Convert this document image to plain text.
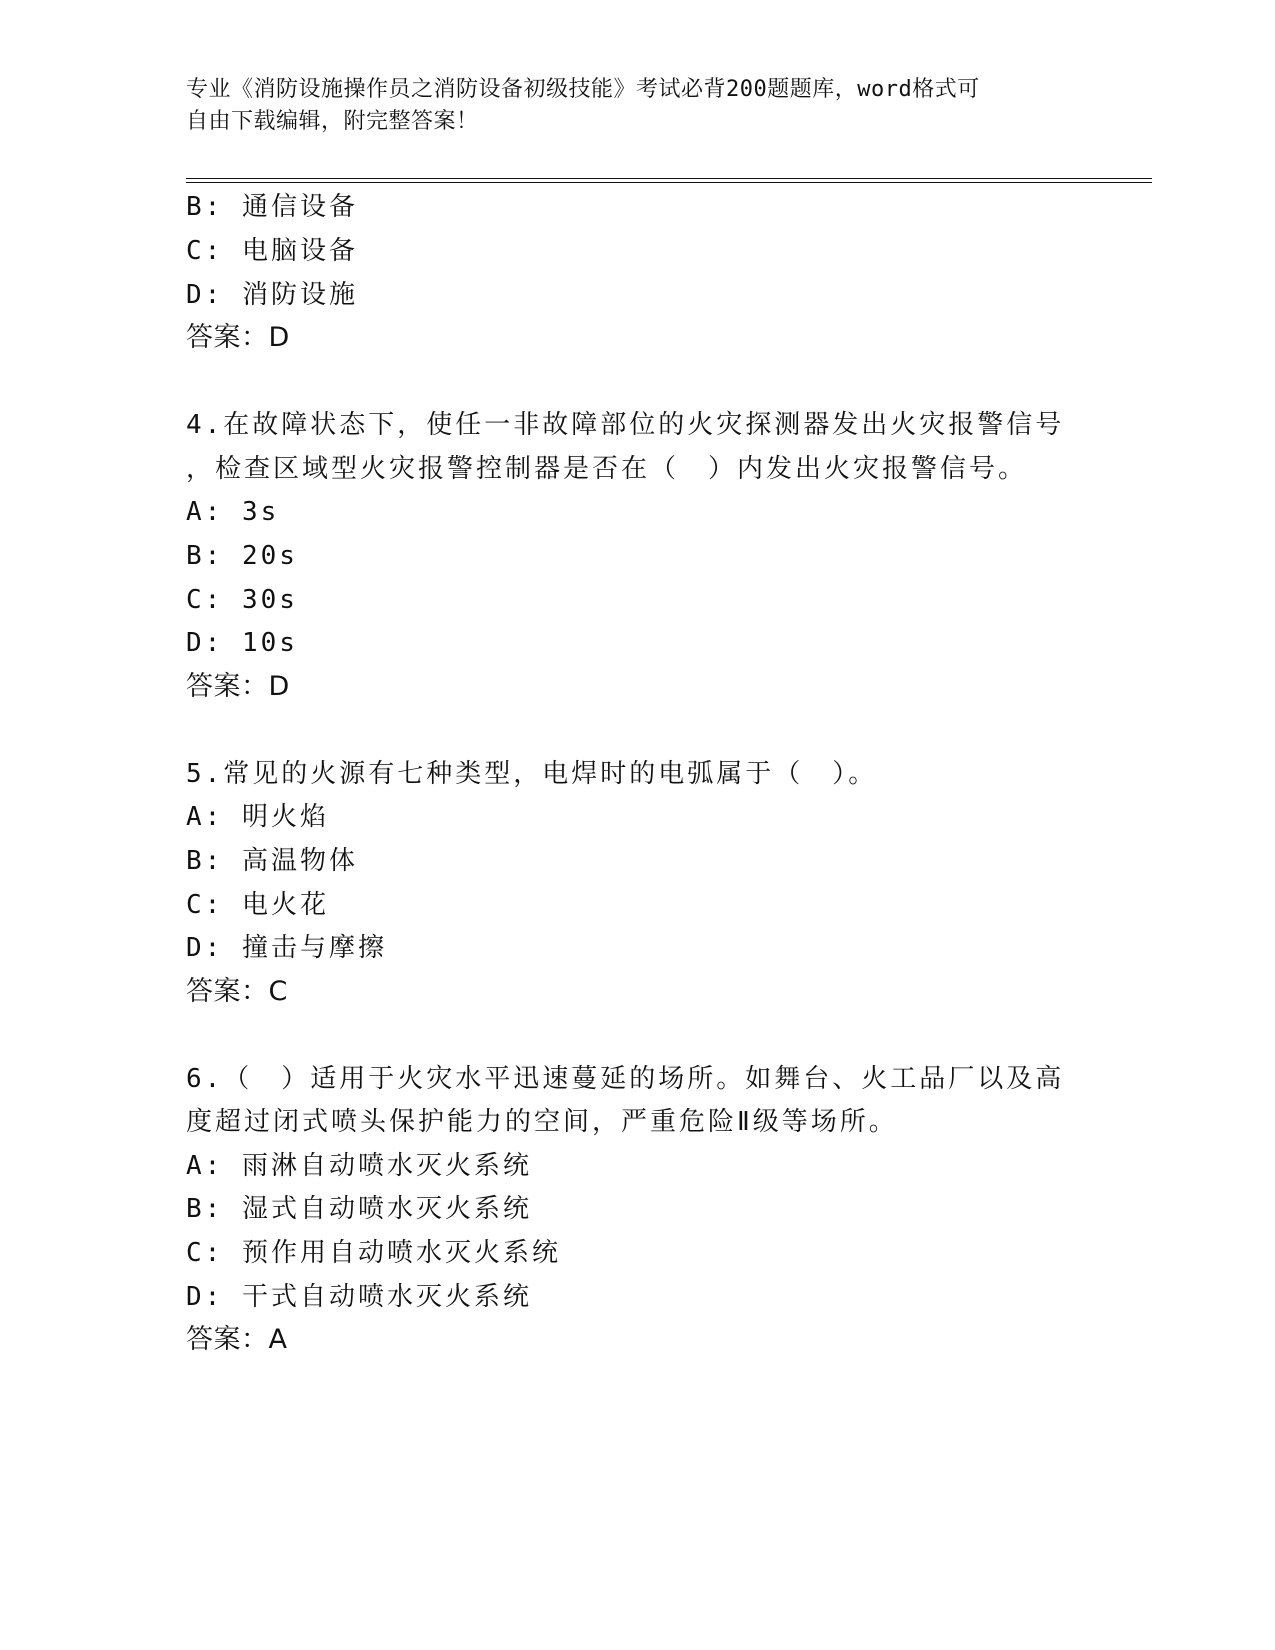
专业《消防设施操作员之消防设备初级技能》考试必背200题题库，word格式可
自由下载编辑，附完整答案！
B: 通信设备
C: 电脑设备
D: 消防设施
答案：D
4.在故障状态下，使任一非故障部位的火灾探测器发出火灾报警信号
，检查区域型火灾报警控制器是否在（　）内发出火灾报警信号。
A: 3s
B: 20s
C: 30s
D: 10s
答案：D
5.常见的火源有七种类型，电焊时的电弧属于（　）。
A: 明火焰
B: 高温物体
C: 电火花
D: 撞击与摩擦
答案：C
6.（　）适用于火灾水平迅速蔓延的场所。如舞台、火工品厂以及高
度超过闭式喷头保护能力的空间，严重危险Ⅱ级等场所。
A: 雨淋自动喷水灭火系统
B: 湿式自动喷水灭火系统
C: 预作用自动喷水灭火系统
D: 干式自动喷水灭火系统
答案：A
